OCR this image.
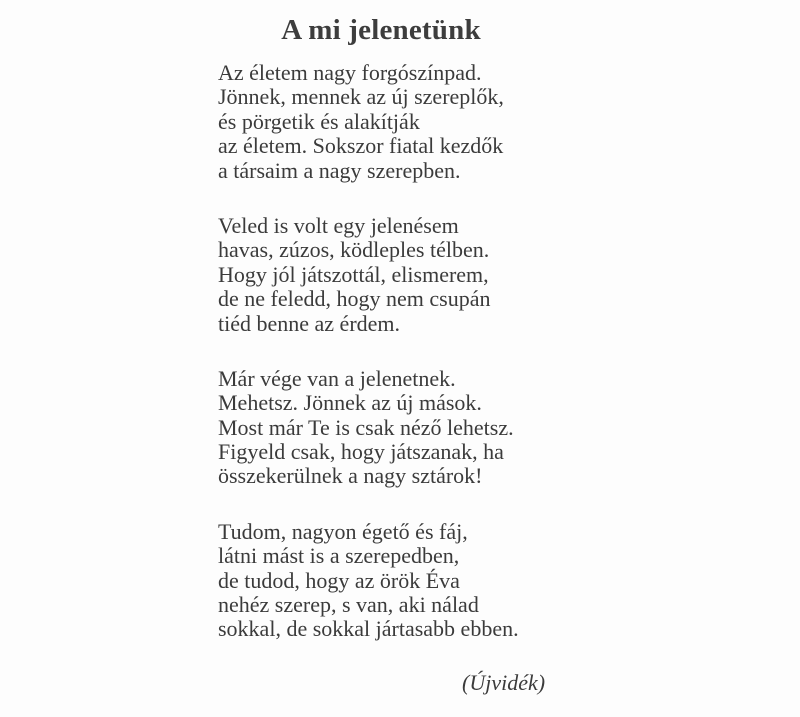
A mi jelenetünk
Az életem nagy forgószínpad.
Jönnek, mennek az új szereplők,
és pörgetik és alakítják
az életem. Sokszor fiatal kezdők
a társaim a nagy szerepben.
Veled is volt egy jelenésem
havas, zúzos, ködleples télben.
Hogy jól játszottál, elismerem,
de ne feledd, hogy nem csupán
tiéd benne az érdem.
Már vége van a jelenetnek.
Mehetsz. Jönnek az új mások.
Most már Te is csak néző lehetsz.
Figyeld csak, hogy játszanak, ha
összekerülnek a nagy sztárok!
Tudom, nagyon égető és fáj,
látni mást is a szerepedben,
de tudod, hogy az örök Éva
nehéz szerep, s van, aki nálad
sokkal, de sokkal jártasabb ebben.
(Újvidék)
